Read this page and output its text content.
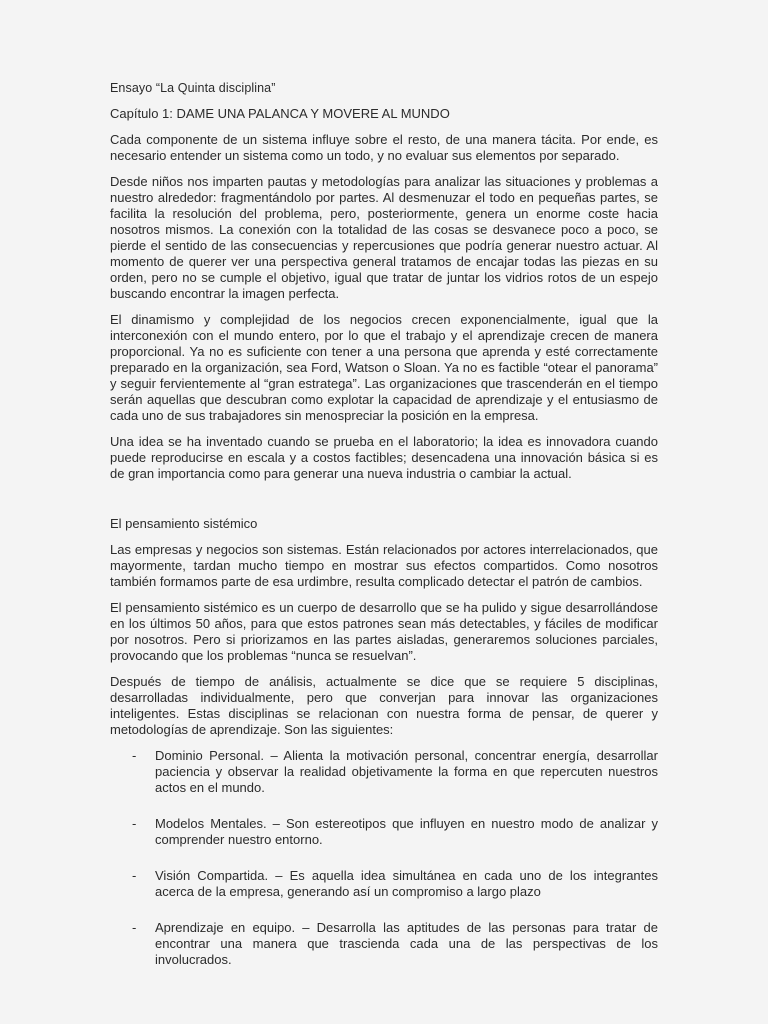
Ensayo “La Quinta disciplina”

Capítulo 1: DAME UNA PALANCA Y MOVERE AL MUNDO

Cada componente de un sistema influye sobre el resto, de una manera tácita. Por ende, es necesario entender un sistema como un todo, y no evaluar sus elementos por separado.

Desde niños nos imparten pautas y metodologías para analizar las situaciones y problemas a nuestro alrededor: fragmentándolo por partes. Al desmenuzar el todo en pequeñas partes, se facilita la resolución del problema, pero, posteriormente, genera un enorme coste hacia nosotros mismos. La conexión con la totalidad de las cosas se desvanece poco a poco, se pierde el sentido de las consecuencias y repercusiones que podría generar nuestro actuar. Al momento de querer ver una perspectiva general tratamos de encajar todas las piezas en su orden, pero no se cumple el objetivo, igual que tratar de juntar los vidrios rotos de un espejo buscando encontrar la imagen perfecta.

El dinamismo y complejidad de los negocios crecen exponencialmente, igual que la interconexión con el mundo entero, por lo que el trabajo y el aprendizaje crecen de manera proporcional. Ya no es suficiente con tener a una persona que aprenda y esté correctamente preparado en la organización, sea Ford, Watson o Sloan. Ya no es factible “otear el panorama” y seguir fervientemente al “gran estratega”. Las organizaciones que trascenderán en el tiempo serán aquellas que descubran como explotar la capacidad de aprendizaje y el entusiasmo de cada uno de sus trabajadores sin menospreciar la posición en la empresa.

Una idea se ha inventado cuando se prueba en el laboratorio; la idea es innovadora cuando puede reproducirse en escala y a costos factibles; desencadena una innovación básica si es de gran importancia como para generar una nueva industria o cambiar la actual.

El pensamiento sistémico

Las empresas y negocios son sistemas. Están relacionados por actores interrelacionados, que mayormente, tardan mucho tiempo en mostrar sus efectos compartidos. Como nosotros también formamos parte de esa urdimbre, resulta complicado detectar el patrón de cambios.

El pensamiento sistémico es un cuerpo de desarrollo que se ha pulido y sigue desarrollándose en los últimos 50 años, para que estos patrones sean más detectables, y fáciles de modificar por nosotros. Pero si priorizamos en las partes aisladas, generaremos soluciones parciales, provocando que los problemas “nunca se resuelvan”.

Después de tiempo de análisis, actualmente se dice que se requiere 5 disciplinas, desarrolladas individualmente, pero que converjan para innovar las organizaciones inteligentes. Estas disciplinas se relacionan con nuestra forma de pensar, de querer y metodologías de aprendizaje. Son las siguientes:

- Dominio Personal. – Alienta la motivación personal, concentrar energía, desarrollar paciencia y observar la realidad objetivamente la forma en que repercuten nuestros actos en el mundo.
- Modelos Mentales. – Son estereotipos que influyen en nuestro modo de analizar y comprender nuestro entorno.
- Visión Compartida. – Es aquella idea simultánea en cada uno de los integrantes acerca de la empresa, generando así un compromiso a largo plazo
- Aprendizaje en equipo. – Desarrolla las aptitudes de las personas para tratar de encontrar una manera que trascienda cada una de las perspectivas de los involucrados.
